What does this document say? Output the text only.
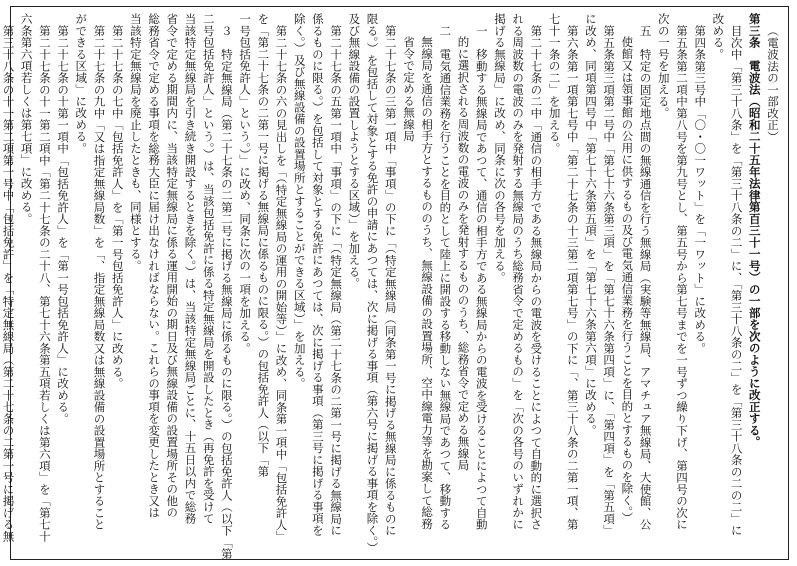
（電波法の一部改正）
第三条　電波法（昭和二十五年法律第百三十一号）の一部を次のように改正する。
目次中「第三十八条」を「第三十八条の二」に、「第三十八条の二」を「第三十八条の二の二」に
改める。
第四条第三号中「〇・〇一ワット」を「一ワット」に改める。
第五条第二項中第八号を第九号とし、第五号から第七号までを一号ずつ繰り下げ、第四号の次に
次の一号を加える。
五　特定の固定地点間の無線通信を行う無線局（実験等無線局、アマチュア無線局、大使館、公
使館又は領事館の公用に供するもの及び電気通信業務を行うことを目的とするものを除く。）
第五条第三項第二号中「第七十六条第三項」を「第七十六条第四項」に、「第四項」を「第五項」
に改め、同項第四号中「第七十六条第五項」を「第七十六条第六項」に改める。
第六条第一項第七号中「第二十七条の十三第二項第七号」の下に「、第三十八条の二第一項、第
七十一条の二」を加える。
第二十七条の二中「通信の相手方である無線局からの電波を受けることによつて自動的に選択さ
れる周波数の電波のみを発射する無線局のうち総務省令で定めるもの」を「次の各号のいずれかに
掲げる無線局」に改め、同条に次の各号を加える。
一　移動する無線局であつて、通信の相手方である無線局からの電波を受けることによつて自動
的に選択される周波数の電波のみを発射するもののうち、総務省令で定める無線局
二　電気通信業務を行うことを目的として陸上に開設する移動しない無線局であつて、移動する
無線局を通信の相手方とするもののうち、無線設備の設置場所、空中線電力等を勘案して総務
省令で定める無線局
第二十七条の三第一項中「事項」の下に「（特定無線局（同条第一号に掲げる無線局に係るものに
限る。）を包括して対象とする免許の申請にあつては、次に掲げる事項（第六号に掲げる事項を除く。）
及び無線設備の設置しようとする区域）」を加える。
第二十七条の五第一項中「事項」の下に「（特定無線局（第二十七条の二第一号に掲げる無線局に
係るものに限る。）を包括して対象とする免許にあつては、次に掲げる事項（第三号に掲げる事項を
除く。）及び無線設備の設置場所とすることができる区域）」を加える。
第二十七条の六の見出しを「（特定無線局の運用の開始等）」に改め、同条第一項中「包括免許人」
を「第二十七条の二第一号に掲げる無線局に係るものに限る。）の包括免許人（以下「第
一号包括免許人」という。）」に改め、同条に次の一項を加える。
３　特定無線局（第二十七条の二第二号に掲げる無線局に係るものに限る。）の包括免許人（以下「第
二号包括免許人」という。）は、当該包括免許に係る特定無線局を開設したとき（再免許を受けて
当該特定無線局を引き続き開設するときを除く。）は、当該特定無線局ごとに、十五日以内で総務
省令で定める期間内に、当該特定無線局に係る運用開始の期日及び無線設備の設置場所その他の
総務省令で定める事項を総務大臣に届け出なければならない。これらの事項を変更したとき又は
当該特定無線局を廃止したときも、同様とする。
第二十七条の七中「包括免許人」を「第一号包括免許人」に改める。
第二十七条の九中「又は指定無線局数」を「、指定無線局数又は無線設備の設置場所とすること
ができる区域」に改める。
第二十七条の十第一項中「包括免許人」を「第一号包括免許人」に改める。
第二十七条の十一第二項中「第二十七条の二十八、第七十六条第五項若しくは第六項」を「第七十
六条第六項若しくは第七項」に改める。
第三十八条の十一第二項第一号中「包括免許」を「特定無線局（第二十七条の二第一号に掲げる無
